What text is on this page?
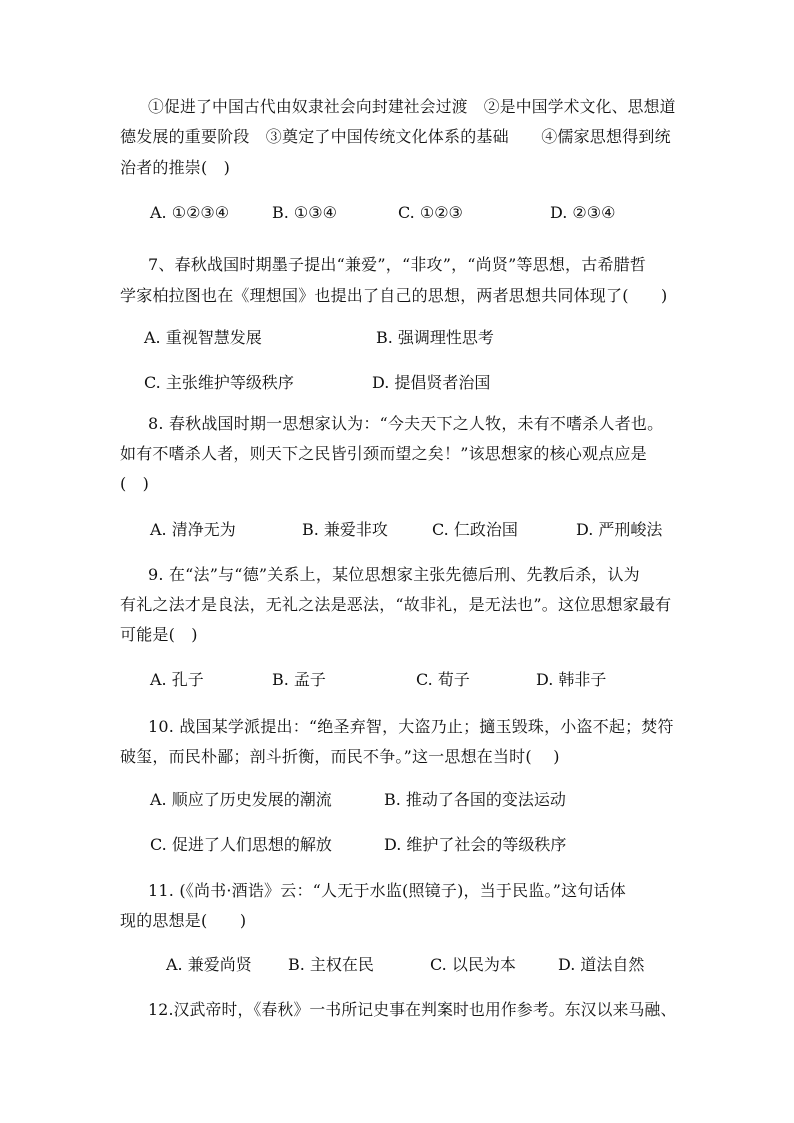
①促进了中国古代由奴隶社会向封建社会过渡　②是中国学术文化、思想道
德发展的重要阶段　③奠定了中国传统文化体系的基础　　④儒家思想得到统
治者的推崇(　)
A. ①②③④	B. ①③④	C. ①②③	D. ②③④
7、春秋战国时期墨子提出“兼爱”，“非攻”，“尚贤”等思想，古希腊哲
学家柏拉图也在《理想国》也提出了自己的思想，两者思想共同体现了(　　)
A. 重视智慧发展	B. 强调理性思考
C. 主张维护等级秩序	D. 提倡贤者治国
8. 春秋战国时期一思想家认为：“今夫天下之人牧，未有不嗜杀人者也。
如有不嗜杀人者，则天下之民皆引颈而望之矣！”该思想家的核心观点应是
(　)
A. 清净无为	B. 兼爱非攻	C. 仁政治国	D. 严刑峻法
9. 在“法”与“德”关系上，某位思想家主张先德后刑、先教后杀，认为
有礼之法才是良法，无礼之法是恶法，“故非礼，是无法也”。这位思想家最有
可能是(　)
A. 孔子	B. 孟子	C. 荀子	D. 韩非子
10. 战国某学派提出：“绝圣弃智，大盗乃止；擿玉毁珠，小盗不起；焚符
破玺，而民朴鄙；剖斗折衡，而民不争。”这一思想在当时(　 )
A. 顺应了历史发展的潮流	B. 推动了各国的变法运动
C. 促进了人们思想的解放	D. 维护了社会的等级秩序
11. (《尚书·酒诰》云：“人无于水监(照镜子)，当于民监。”这句话体
现的思想是(　　)
A. 兼爱尚贤 B. 主权在民	C. 以民为本	D. 道法自然
12.汉武帝时，《春秋》一书所记史事在判案时也用作参考。东汉以来马融、
